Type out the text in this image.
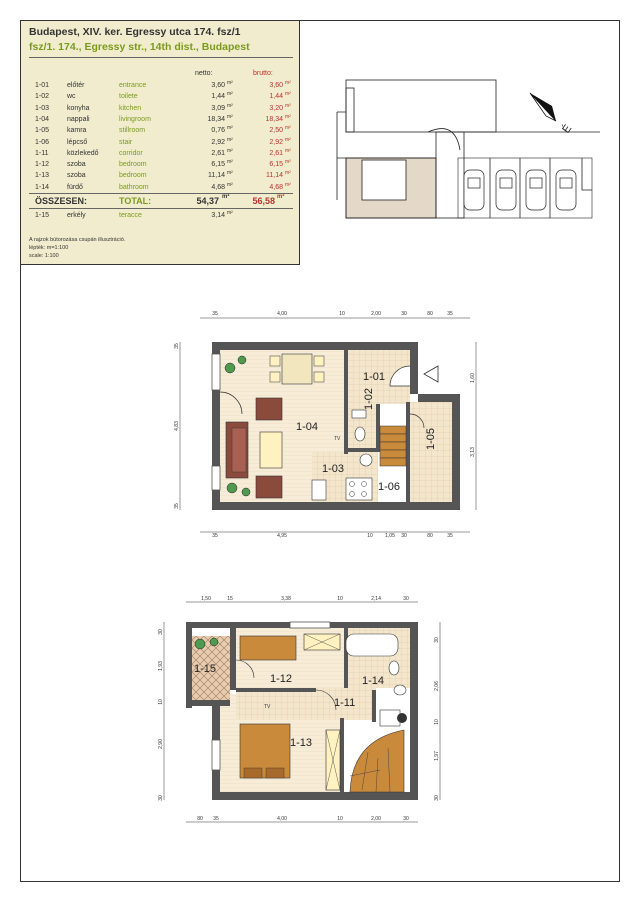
Budapest, XIV. ker. Egressy utca 174. fsz/1
fsz/1. 174., Egressy str., 14th dist., Budapest
netto:	brutto:
1-01	előtér	entrance	3,60 m²	3,60 m²
1-02	wc	toilete	1,44 m²	1,44 m²
1-03	konyha	kitchen	3,09 m²	3,20 m²
1-04	nappali	livingroom	18,34 m²	18,34 m²
1-05	kamra	stillroom	0,76 m²	2,50 m²
1-06	lépcső	stair	2,92 m²	2,92 m²
1-11	közlekedő	corridor	2,61 m²	2,61 m²
1-12	szoba	bedroom	6,15 m²	6,15 m²
1-13	szoba	bedroom	11,14 m²	11,14 m²
1-14	fürdő	bathroom	4,68 m²	4,68 m²
ÖSSZESEN:	TOTAL:	54,37 m²	56,58 m²
1-15	erkély	teracce	3,14 m²
A rajzok bútorozása csupán illusztráció.
lépték: m=1:100
scale: 1:100
É
1-01
1-02
1-03
1-04
1-05
1-06
TV
35	4,00	10	2,00	30	80	35
35	4,95	10 1,05 30	80	35
35
4,83
35
1,60
3,13
1-15
1-12
1-11
1-14
1-13
TV
1,50	15	3,38	10	2,14	30
80 35	4,00	10	2,00	30
30
1,93
10
2,90
30
30
2,06
10
1,97
30
